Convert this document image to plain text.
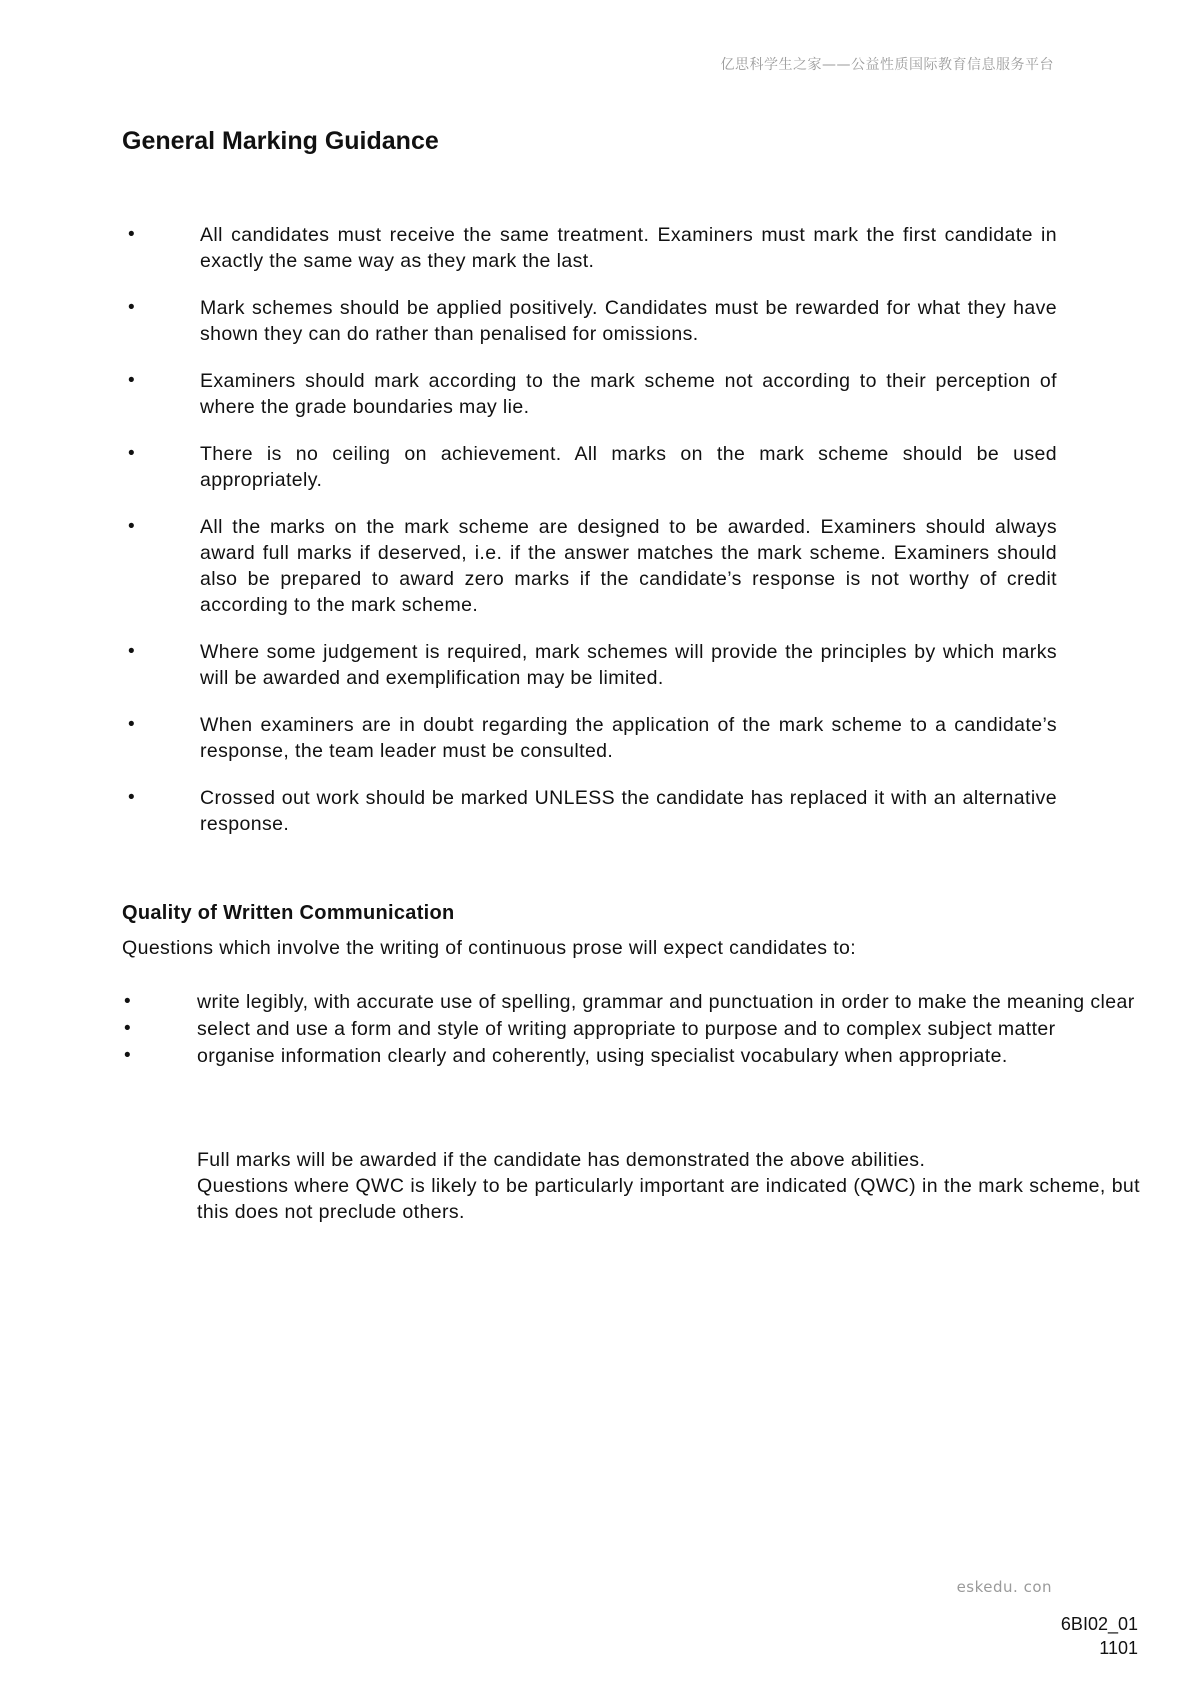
亿思科学生之家——公益性质国际教育信息服务平台
General Marking Guidance
•	All candidates must receive the same treatment. Examiners must mark the first candidate in exactly the same way as they mark the last.
•	Mark schemes should be applied positively. Candidates must be rewarded for what they have shown they can do rather than penalised for omissions.
•	Examiners should mark according to the mark scheme not according to their perception of where the grade boundaries may lie.
•	There is no ceiling on achievement. All marks on the mark scheme should be used appropriately.
•	All the marks on the mark scheme are designed to be awarded. Examiners should always award full marks if deserved, i.e. if the answer matches the mark scheme. Examiners should also be prepared to award zero marks if the candidate’s response is not worthy of credit according to the mark scheme.
•	Where some judgement is required, mark schemes will provide the principles by which marks will be awarded and exemplification may be limited.
•	When examiners are in doubt regarding the application of the mark scheme to a candidate’s response, the team leader must be consulted.
•	Crossed out work should be marked UNLESS the candidate has replaced it with an alternative response.
Quality of Written Communication

Questions which involve the writing of continuous prose will expect candidates to:

•	write legibly, with accurate use of spelling, grammar and punctuation in order to make the meaning clear
•	select and use a form and style of writing appropriate to purpose and to complex subject matter
•	organise information clearly and coherently, using specialist vocabulary when appropriate.

Full marks will be awarded if the candidate has demonstrated the above abilities.

Questions where QWC is likely to be particularly important are indicated (QWC) in the mark scheme, but this does not preclude others.

eskedu. con
6BI02_01
1101
